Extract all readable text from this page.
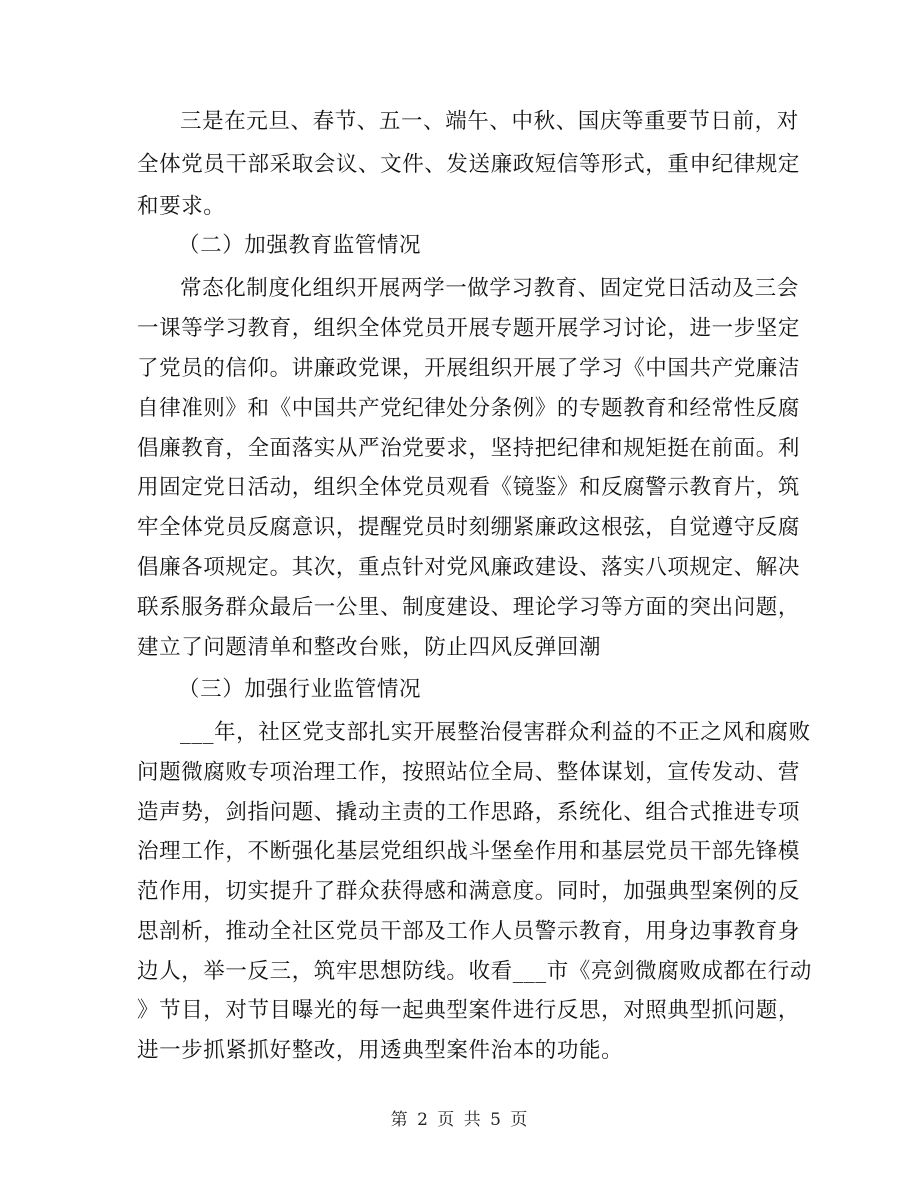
三是在元旦、春节、五一、端午、中秋、国庆等重要节日前，对
全体党员干部采取会议、文件、发送廉政短信等形式，重申纪律规定
和要求。
（二）加强教育监管情况
常态化制度化组织开展两学一做学习教育、固定党日活动及三会
一课等学习教育，组织全体党员开展专题开展学习讨论，进一步坚定
了党员的信仰。讲廉政党课，开展组织开展了学习《中国共产党廉洁
自律准则》和《中国共产党纪律处分条例》的专题教育和经常性反腐
倡廉教育，全面落实从严治党要求，坚持把纪律和规矩挺在前面。利
用固定党日活动，组织全体党员观看《镜鉴》和反腐警示教育片，筑
牢全体党员反腐意识，提醒党员时刻绷紧廉政这根弦，自觉遵守反腐
倡廉各项规定。其次，重点针对党风廉政建设、落实八项规定、解决
联系服务群众最后一公里、制度建设、理论学习等方面的突出问题，
建立了问题清单和整改台账，防止四风反弹回潮
（三）加强行业监管情况
___年，社区党支部扎实开展整治侵害群众利益的不正之风和腐败
问题微腐败专项治理工作，按照站位全局、整体谋划，宣传发动、营
造声势，剑指问题、撬动主责的工作思路，系统化、组合式推进专项
治理工作，不断强化基层党组织战斗堡垒作用和基层党员干部先锋模
范作用，切实提升了群众获得感和满意度。同时，加强典型案例的反
思剖析，推动全社区党员干部及工作人员警示教育，用身边事教育身
边人，举一反三，筑牢思想防线。收看___市《亮剑微腐败成都在行动
》节目，对节目曝光的每一起典型案件进行反思，对照典型抓问题，
进一步抓紧抓好整改，用透典型案件治本的功能。
第 2 页 共 5 页
